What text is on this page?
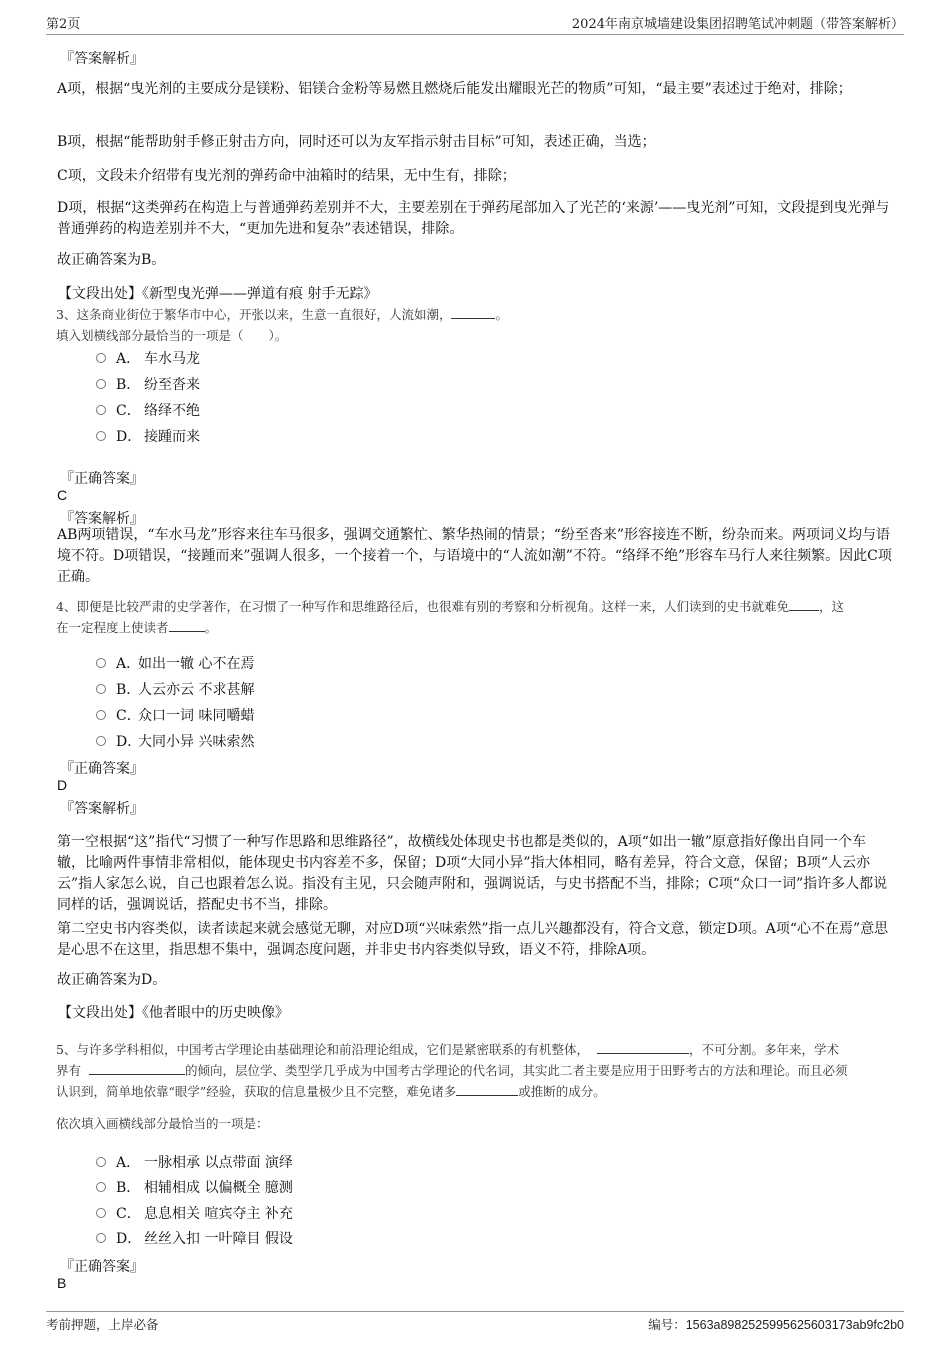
第2页	2024年南京城墙建设集团招聘笔试冲刺题（带答案解析）
『答案解析』
A项，根据“曳光剂的主要成分是镁粉、铝镁合金粉等易燃且燃烧后能发出耀眼光芒的物质”可知，“最主要”表述过于绝对，排除；
B项，根据“能帮助射手修正射击方向，同时还可以为友军指示射击目标”可知，表述正确，当选；
C项，文段未介绍带有曳光剂的弹药命中油箱时的结果，无中生有，排除；
D项，根据“这类弹药在构造上与普通弹药差别并不大，主要差别在于弹药尾部加入了光芒的‘来源’——曳光剂”可知，文段提到曳光弹与普通弹药的构造差别并不大，“更加先进和复杂”表述错误，排除。
故正确答案为B。
【文段出处】《新型曳光弹——弹道有痕 射手无踪》
3、这条商业街位于繁华市中心，开张以来，生意一直很好，人流如潮，	。
填入划横线部分最恰当的一项是（　　）。
A． 车水马龙
B． 纷至沓来
C． 络绎不绝
D． 接踵而来
『正确答案』
C
『答案解析』
AB两项错误，“车水马龙”形容来往车马很多，强调交通繁忙、繁华热闹的情景；“纷至沓来”形容接连不断，纷杂而来。两项词义均与语境不符。D项错误，“接踵而来”强调人很多，一个接着一个，与语境中的“人流如潮”不符。“络绎不绝”形容车马行人来往频繁。因此C项正确。
4、即便是比较严肃的史学著作，在习惯了一种写作和思维路径后，也很难有别的考察和分析视角。这样一来，人们读到的史书就难免 ，这
在一定程度上使读者	。
A．
如出一辙 心不在焉
B．
人云亦云 不求甚解
C．
众口一词 味同嚼蜡
D．
大同小异 兴味索然
『正确答案』
D
『答案解析』
第一空根据“这”指代“习惯了一种写作思路和思维路径”，故横线处体现史书也都是类似的，A项“如出一辙”原意指好像出自同一个车辙，比喻两件事情非常相似，能体现史书内容差不多，保留；D项“大同小异”指大体相同，略有差异，符合文意，保留；B项“人云亦云”指人家怎么说，自己也跟着怎么说。指没有主见，只会随声附和，强调说话，与史书搭配不当，排除；C项“众口一词”指许多人都说同样的话，强调说话，搭配史书不当，排除。
第二空史书内容类似，读者读起来就会感觉无聊，对应D项“兴味索然”指一点儿兴趣都没有，符合文意，锁定D项。A项“心不在焉”意思是心思不在这里，指思想不集中，强调态度问题，并非史书内容类似导致，语义不符，排除A项。
故正确答案为D。
【文段出处】《他者眼中的历史映像》
5、与许多学科相似，中国考古学理论由基础理论和前沿理论组成，它们是紧密联系的有机整体，	，不可分割。多年来，学术
界有	的倾向，层位学、类型学几乎成为中国考古学理论的代名词，其实此二者主要是应用于田野考古的方法和理论。而且必须
认识到，简单地依靠“眼学”经验，获取的信息量极少且不完整，难免诸多	或推断的成分。
依次填入画横线部分最恰当的一项是：
A． 一脉相承 以点带面 演绎
B． 相辅相成 以偏概全 臆测
C． 息息相关 喧宾夺主 补充
D． 丝丝入扣 一叶障目 假设
『正确答案』
B
考前押题，上岸必备	编号：1563a8982525995625603173ab9fc2b0
